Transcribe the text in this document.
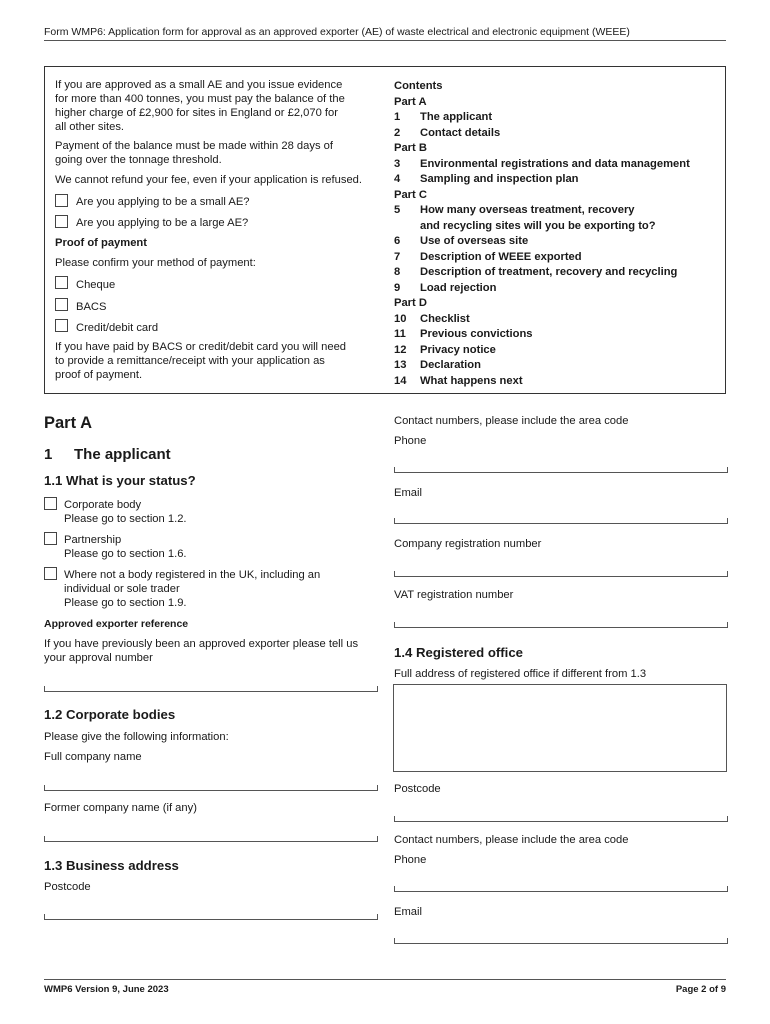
Form WMP6: Application form for approval as an approved exporter (AE) of waste electrical and electronic equipment (WEEE)
If you are approved as a small AE and you issue evidence
for more than 400 tonnes, you must pay the balance of the
higher charge of £2,900 for sites in England or £2,070 for
all other sites.
Payment of the balance must be made within 28 days of
going over the tonnage threshold.
We cannot refund your fee, even if your application is refused.
Are you applying to be a small AE?
Are you applying to be a large AE?
Proof of payment
Please confirm your method of payment:
Cheque
BACS
Credit/debit card
If you have paid by BACS or credit/debit card you will need
to provide a remittance/receipt with your application as
proof of payment.
Contents
Part A
1 The applicant
2 Contact details
Part B
3 Environmental registrations and data management
4 Sampling and inspection plan
Part C
5 How many overseas treatment, recovery
and recycling sites will you be exporting to?
6 Use of overseas site
7 Description of WEEE exported
8 Description of treatment, recovery and recycling
9 Load rejection
Part D
10 Checklist
11 Previous convictions
12 Privacy notice
13 Declaration
14 What happens next
Part A
1 The applicant
1.1 What is your status?
Corporate body
Please go to section 1.2.
Partnership
Please go to section 1.6.
Where not a body registered in the UK, including an
individual or sole trader
Please go to section 1.9.
Approved exporter reference
If you have previously been an approved exporter please tell us
your approval number
1.2 Corporate bodies
Please give the following information:
Full company name
Former company name (if any)
1.3 Business address
Postcode
Contact numbers, please include the area code
Phone
Email
Company registration number
VAT registration number
1.4 Registered office
Full address of registered office if different from 1.3
Postcode
Contact numbers, please include the area code
Phone
Email
WMP6 Version 9, June 2023	Page 2 of 9
